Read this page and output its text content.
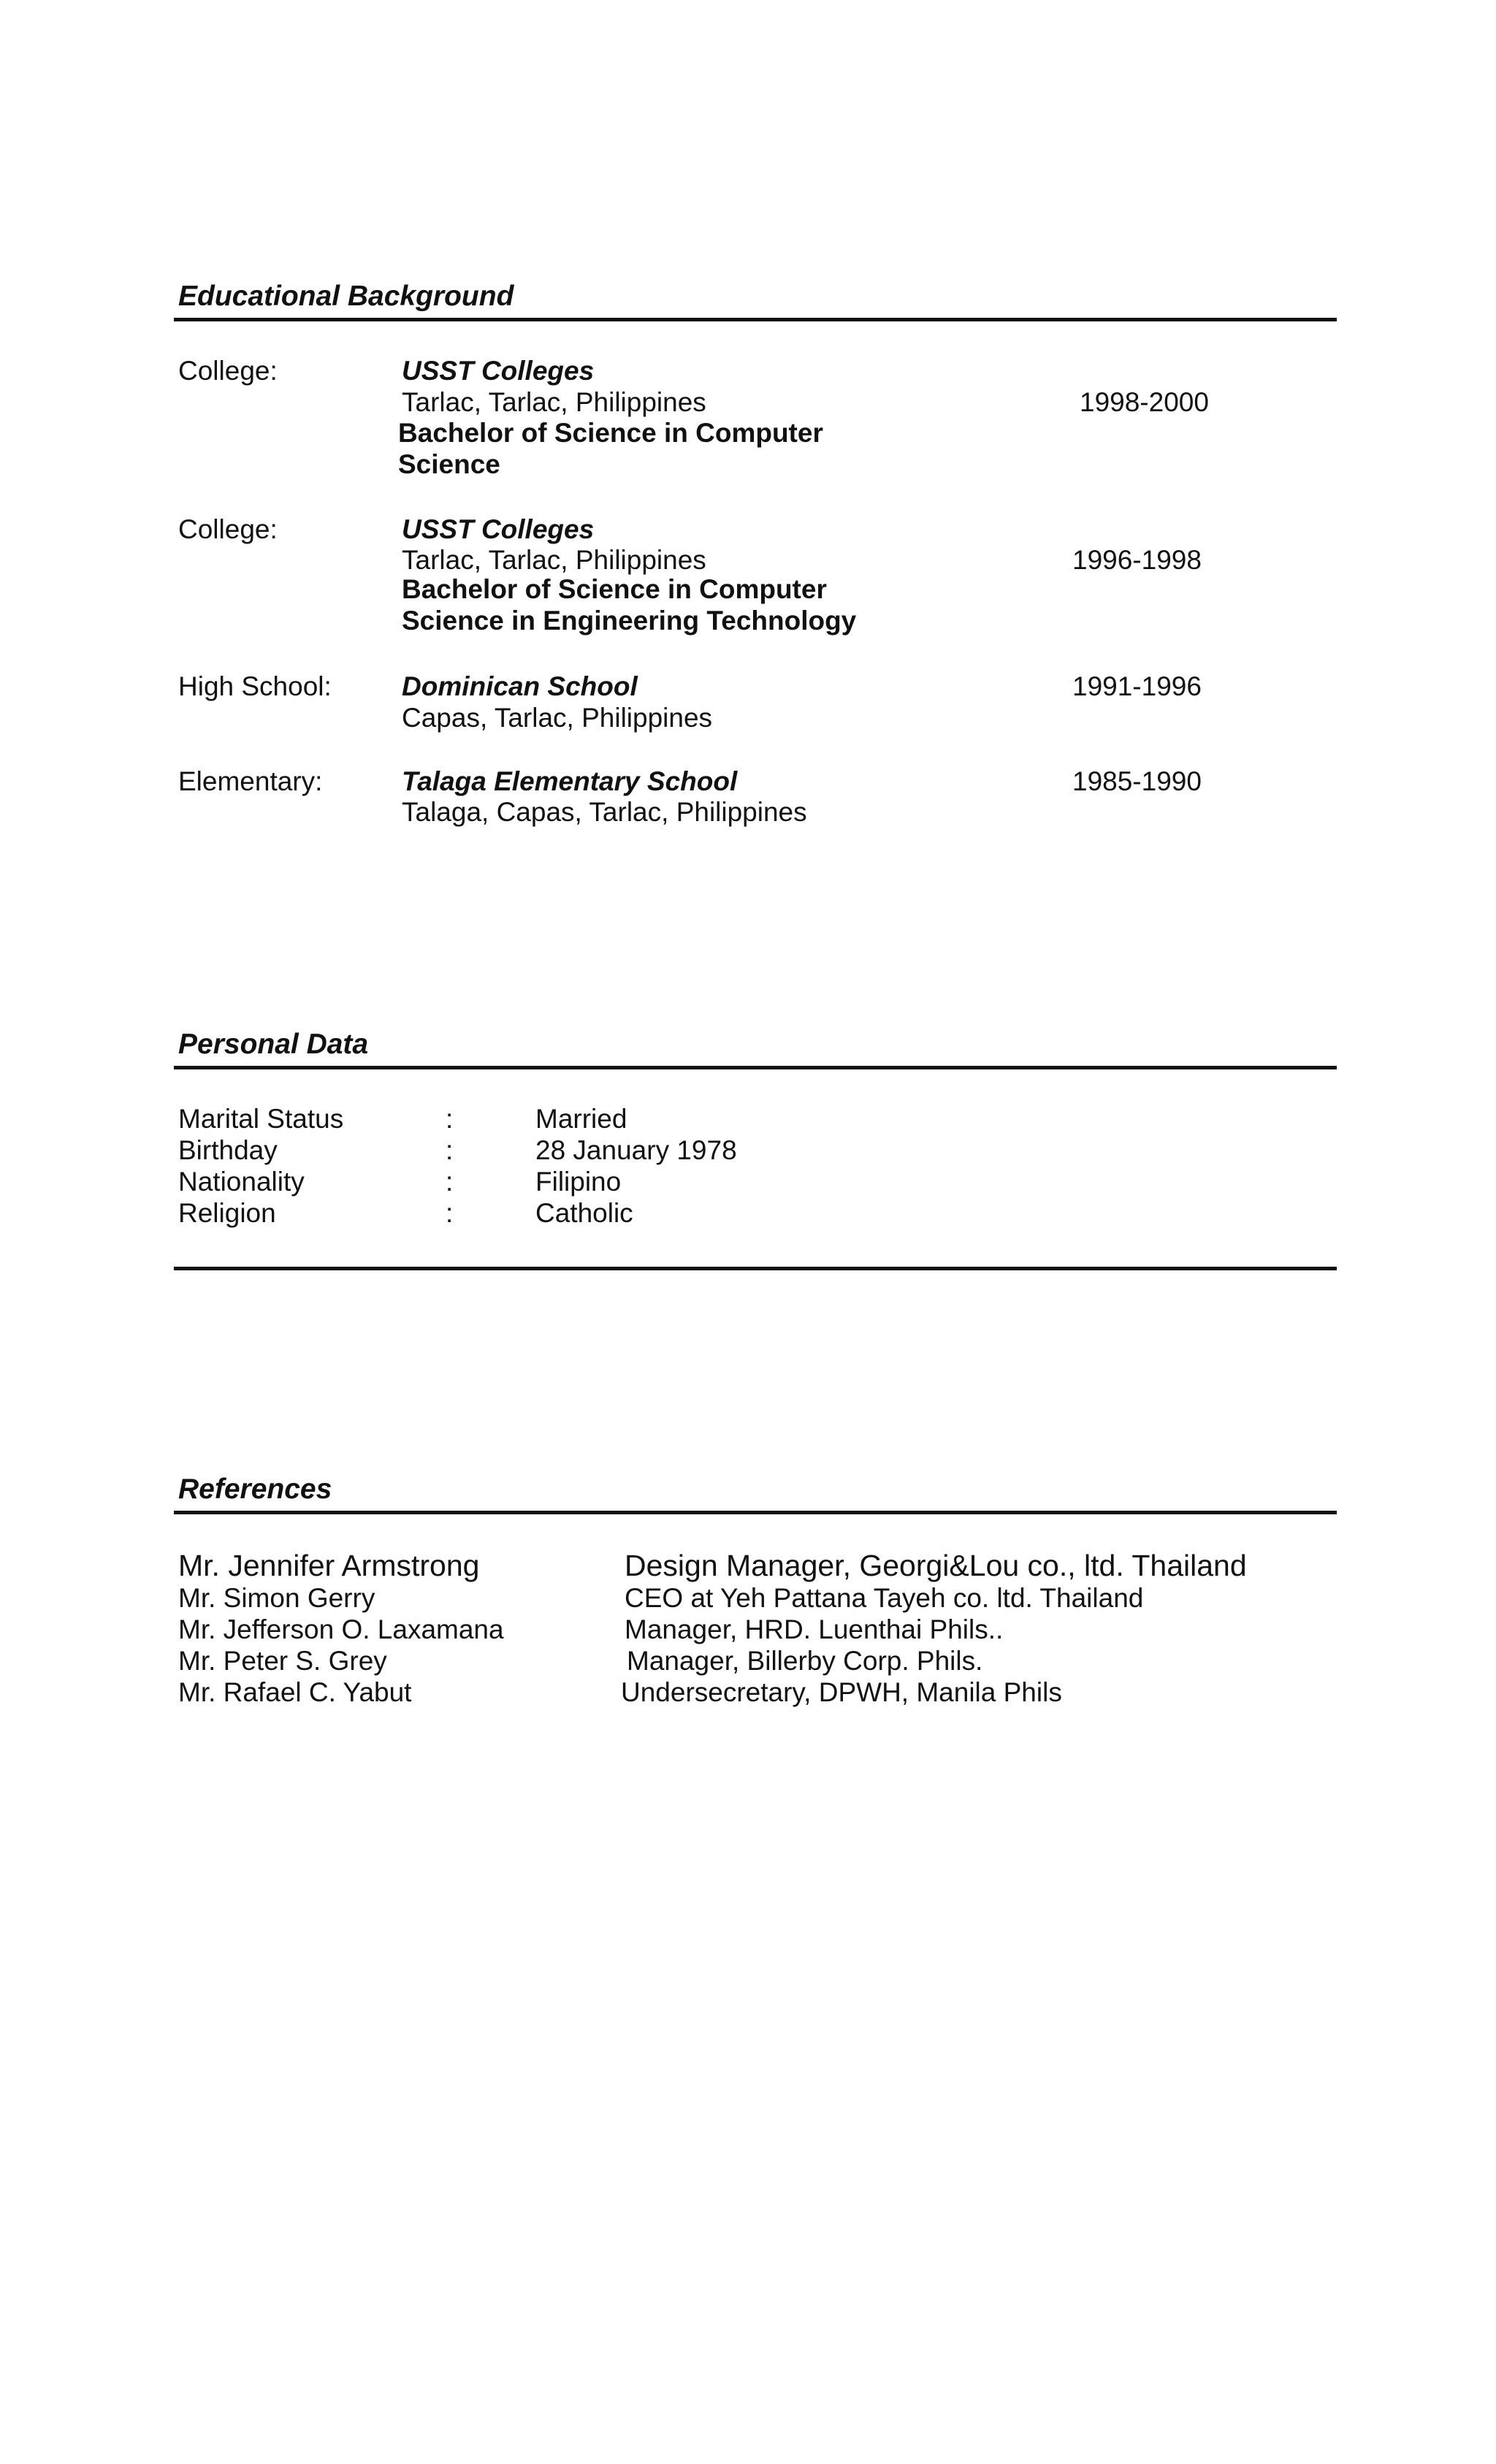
Educational Background
College:	USST Colleges
Tarlac, Tarlac, Philippines	1998-2000
Bachelor of Science in Computer
Science
College:	USST Colleges
Tarlac, Tarlac, Philippines	1996-1998
Bachelor of Science in Computer
Science in Engineering Technology
High School:	Dominican School	1991-1996
Capas, Tarlac, Philippines
Elementary:	Talaga Elementary School	1985-1990
Talaga, Capas, Tarlac, Philippines
Personal Data
Marital Status	:	Married
Birthday	:	28 January 1978
Nationality	:	Filipino
Religion	:	Catholic
References
Mr. Jennifer Armstrong	Design Manager, Georgi&Lou co., ltd. Thailand
Mr. Simon Gerry	CEO at Yeh Pattana Tayeh co. ltd. Thailand
Mr. Jefferson O. Laxamana	Manager, HRD. Luenthai Phils..
Mr. Peter S. Grey	Manager, Billerby Corp. Phils.
Mr. Rafael C. Yabut	Undersecretary, DPWH, Manila Phils
